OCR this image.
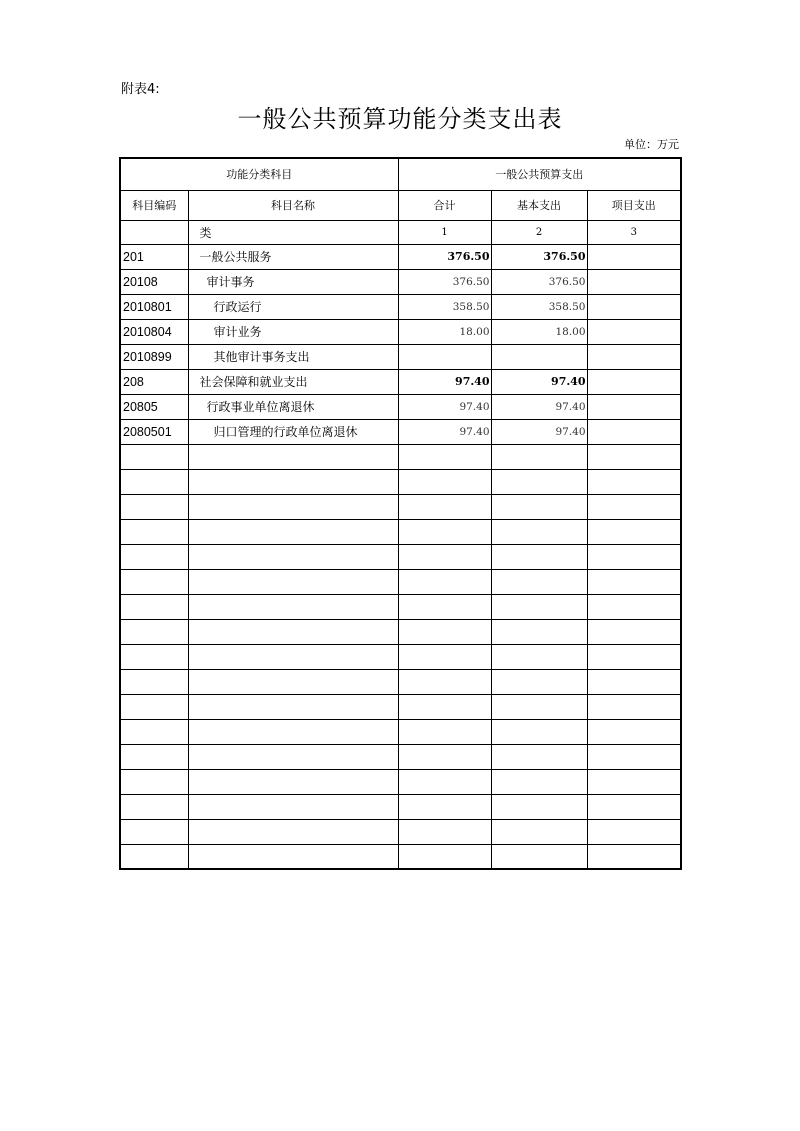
附表4:
一般公共预算功能分类支出表
单位：万元
功能分类科目		一般公共预算支出		
科目编码	科目名称	合计	基本支出	项目支出
	类	1	2	3
201	一般公共服务	376.50	376.50	
20108	审计事务	376.50	376.50	
2010801	行政运行	358.50	358.50	
2010804	审计业务	18.00	18.00	
2010899	其他审计事务支出			
208	社会保障和就业支出	97.40	97.40	
20805	行政事业单位离退休	97.40	97.40	
2080501	归口管理的行政单位离退休	97.40	97.40	
